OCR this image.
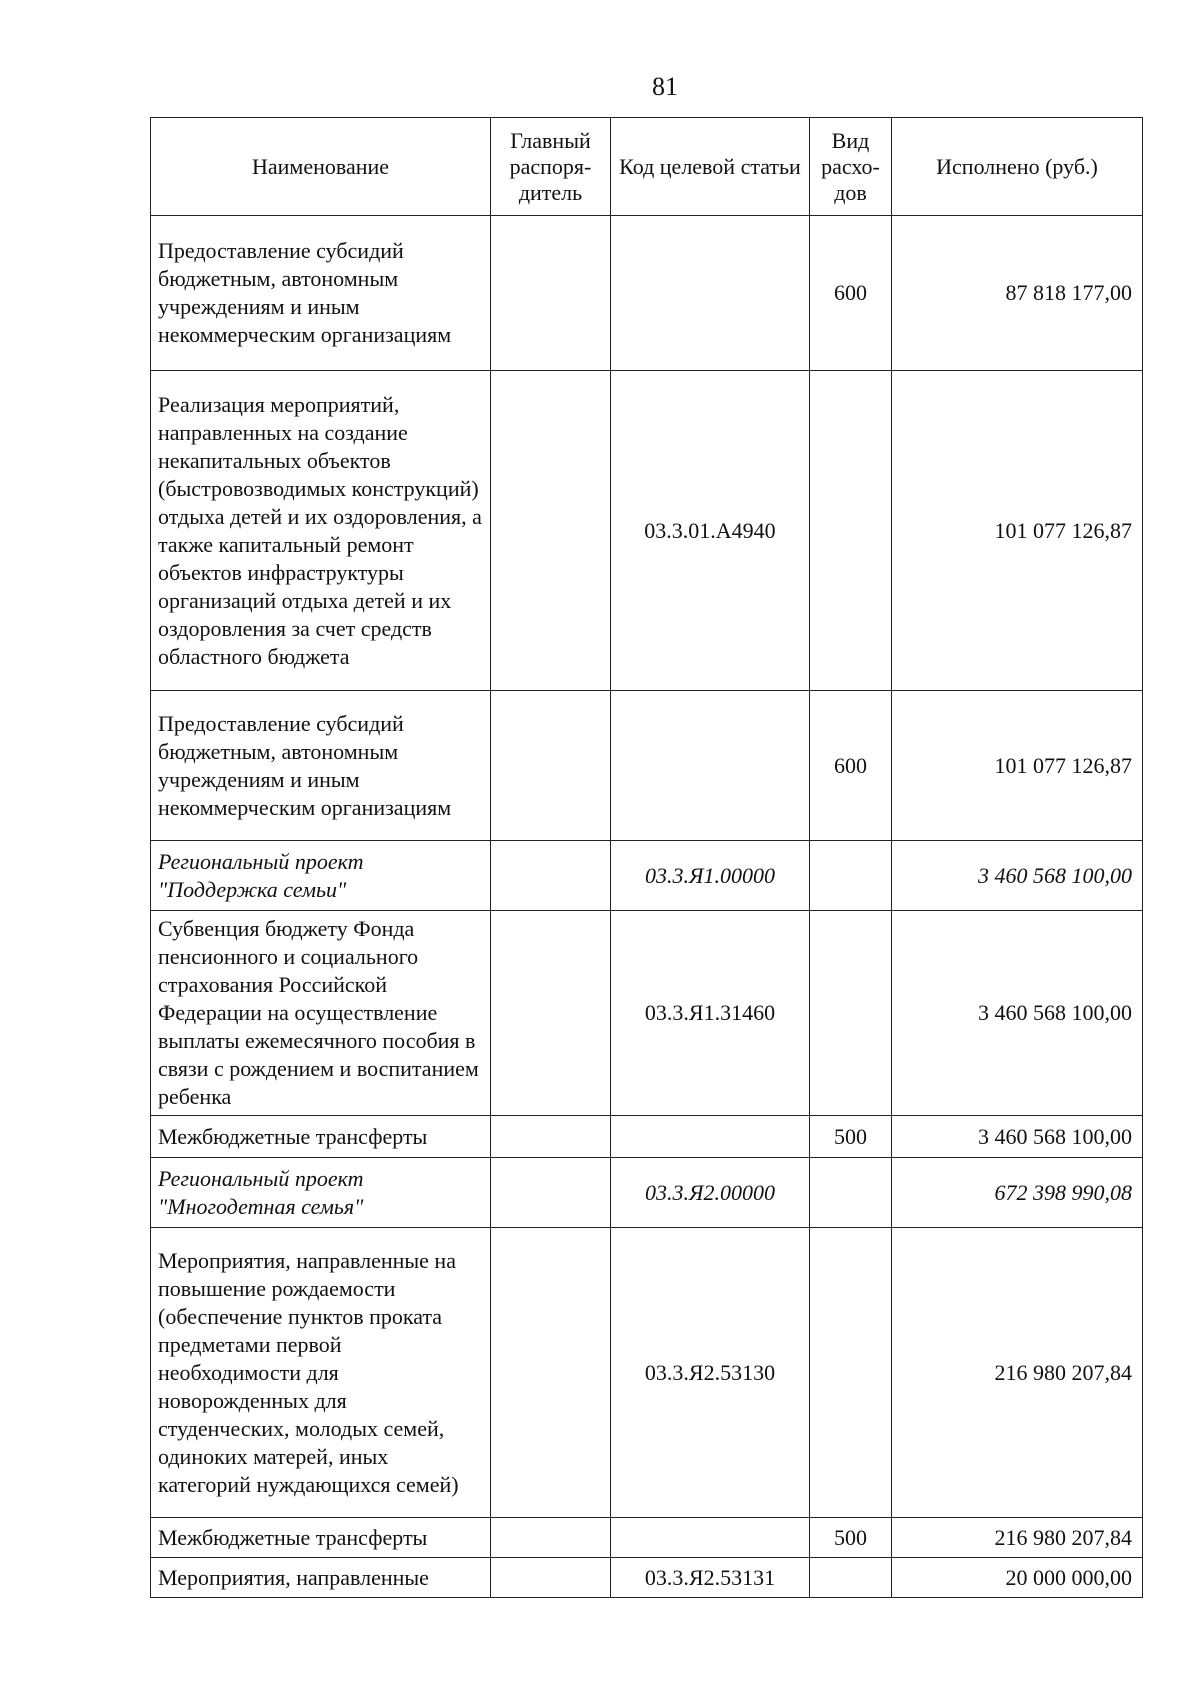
81
Наименование	Главный распоря- дитель	Код целевой статьи	Вид расхо- дов	Исполнено (руб.)
Предоставление субсидий бюджетным, автономным учреждениям и иным некоммерческим организациям			600	87 818 177,00
Реализация мероприятий, направленных на создание некапитальных объектов (быстровозводимых конструкций) отдыха детей и их оздоровления, а также капитальный ремонт объектов инфраструктуры организаций отдыха детей и их оздоровления за счет средств областного бюджета		03.3.01.А4940		101 077 126,87
Предоставление субсидий бюджетным, автономным учреждениям и иным некоммерческим организациям			600	101 077 126,87
Региональный проект "Поддержка семьи"		03.3.Я1.00000		3 460 568 100,00
Субвенция бюджету Фонда пенсионного и социального страхования Российской Федерации на осуществление выплаты ежемесячного пособия в связи с рождением и воспитанием ребенка		03.3.Я1.31460		3 460 568 100,00
Межбюджетные трансферты			500	3 460 568 100,00
Региональный проект "Многодетная семья"		03.3.Я2.00000		672 398 990,08
Мероприятия, направленные на повышение рождаемости (обеспечение пунктов проката предметами первой необходимости для новорожденных для студенческих, молодых семей, одиноких матерей, иных категорий нуждающихся семей)		03.3.Я2.53130		216 980 207,84
Межбюджетные трансферты			500	216 980 207,84
Мероприятия, направленные		03.3.Я2.53131		20 000 000,00
